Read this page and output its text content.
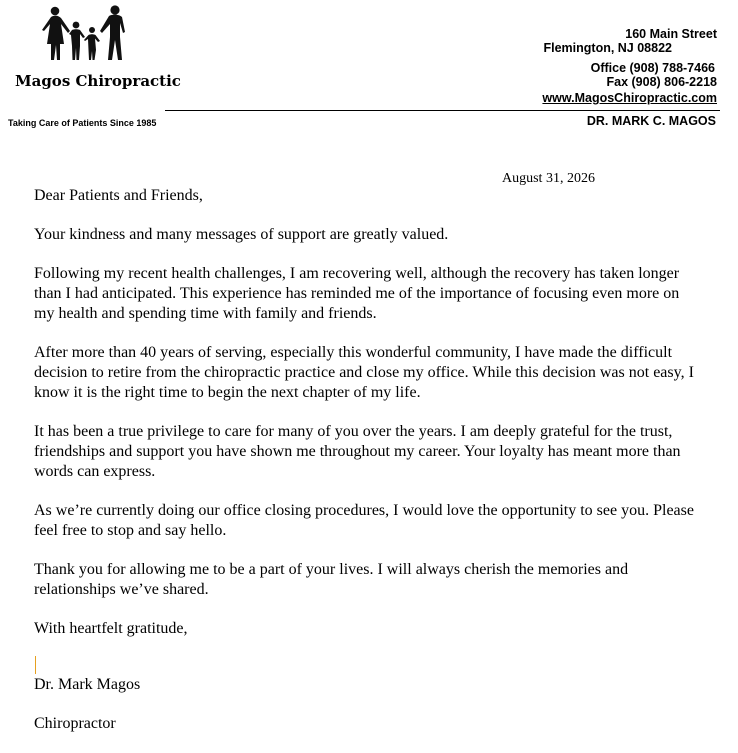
Magos Chiropractic
Taking Care of Patients Since 1985
160 Main Street
Flemington, NJ 08822
Office (908) 788-7466
Fax (908) 806-2218
www.MagosChiropractic.com
DR. MARK C. MAGOS
August 31, 2026

Dear Patients and Friends,

Your kindness and many messages of support are greatly valued.

Following my recent health challenges, I am recovering well, although the recovery has taken longer than I had anticipated. This experience has reminded me of the importance of focusing even more on my health and spending time with family and friends.

After more than 40 years of serving, especially this wonderful community, I have made the difficult decision to retire from the chiropractic practice and close my office. While this decision was not easy, I know it is the right time to begin the next chapter of my life.

It has been a true privilege to care for many of you over the years. I am deeply grateful for the trust, friendships and support you have shown me throughout my career. Your loyalty has meant more than words can express.

As we’re currently doing our office closing procedures, I would love the opportunity to see you. Please feel free to stop and say hello.

Thank you for allowing me to be a part of your lives. I will always cherish the memories and relationships we’ve shared.

With heartfelt gratitude,

Dr. Mark Magos

Chiropractor
